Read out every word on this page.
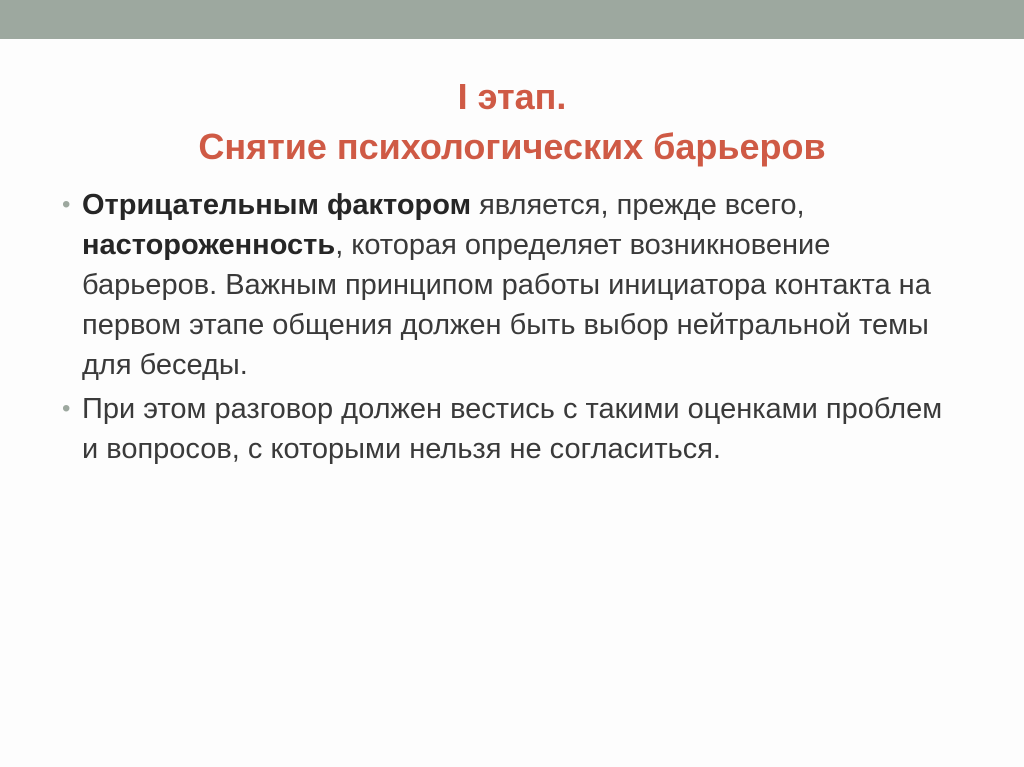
I этап.
Снятие психологических барьеров
• Отрицательным фактором является, прежде всего, настороженность, которая определяет возникновение барьеров. Важным принципом работы инициатора контакта на первом этапе общения должен быть выбор нейтральной темы для беседы.
• При этом разговор должен вестись с такими оценками проблем и вопросов, с которыми нельзя не согласиться.
